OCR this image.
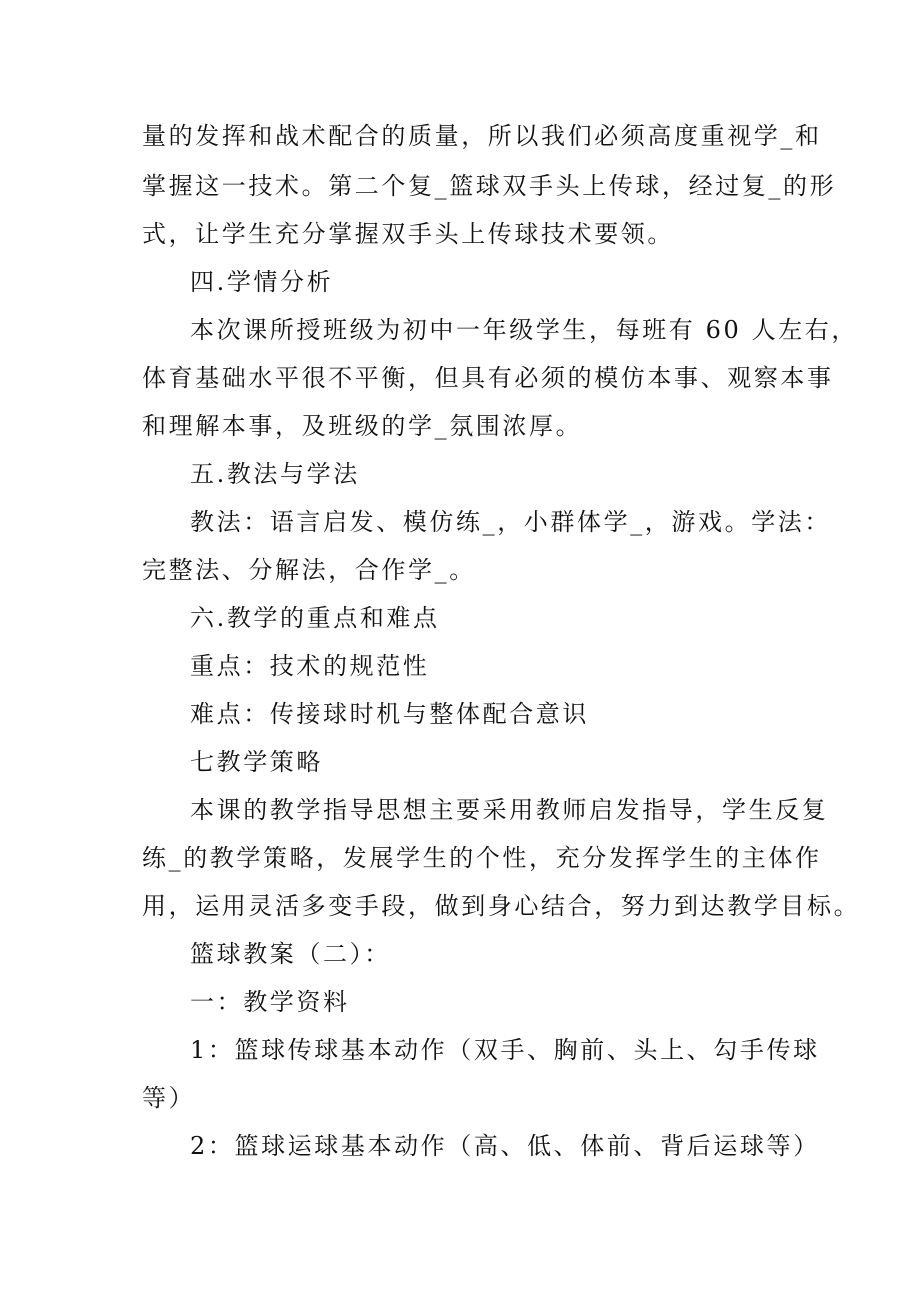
量的发挥和战术配合的质量，所以我们必须高度重视学_和
掌握这一技术。第二个复_篮球双手头上传球，经过复_的形
式，让学生充分掌握双手头上传球技术要领。
四.学情分析
本次课所授班级为初中一年级学生，每班有 60 人左右，
体育基础水平很不平衡，但具有必须的模仿本事、观察本事
和理解本事，及班级的学_氛围浓厚。
五.教法与学法
教法：语言启发、模仿练_，小群体学_，游戏。学法：
完整法、分解法，合作学_。
六.教学的重点和难点
重点：技术的规范性
难点：传接球时机与整体配合意识
七教学策略
本课的教学指导思想主要采用教师启发指导，学生反复
练_的教学策略，发展学生的个性，充分发挥学生的主体作
用，运用灵活多变手段，做到身心结合，努力到达教学目标。
篮球教案（二）：
一：教学资料
1：篮球传球基本动作（双手、胸前、头上、勾手传球
等）
2：篮球运球基本动作（高、低、体前、背后运球等）
